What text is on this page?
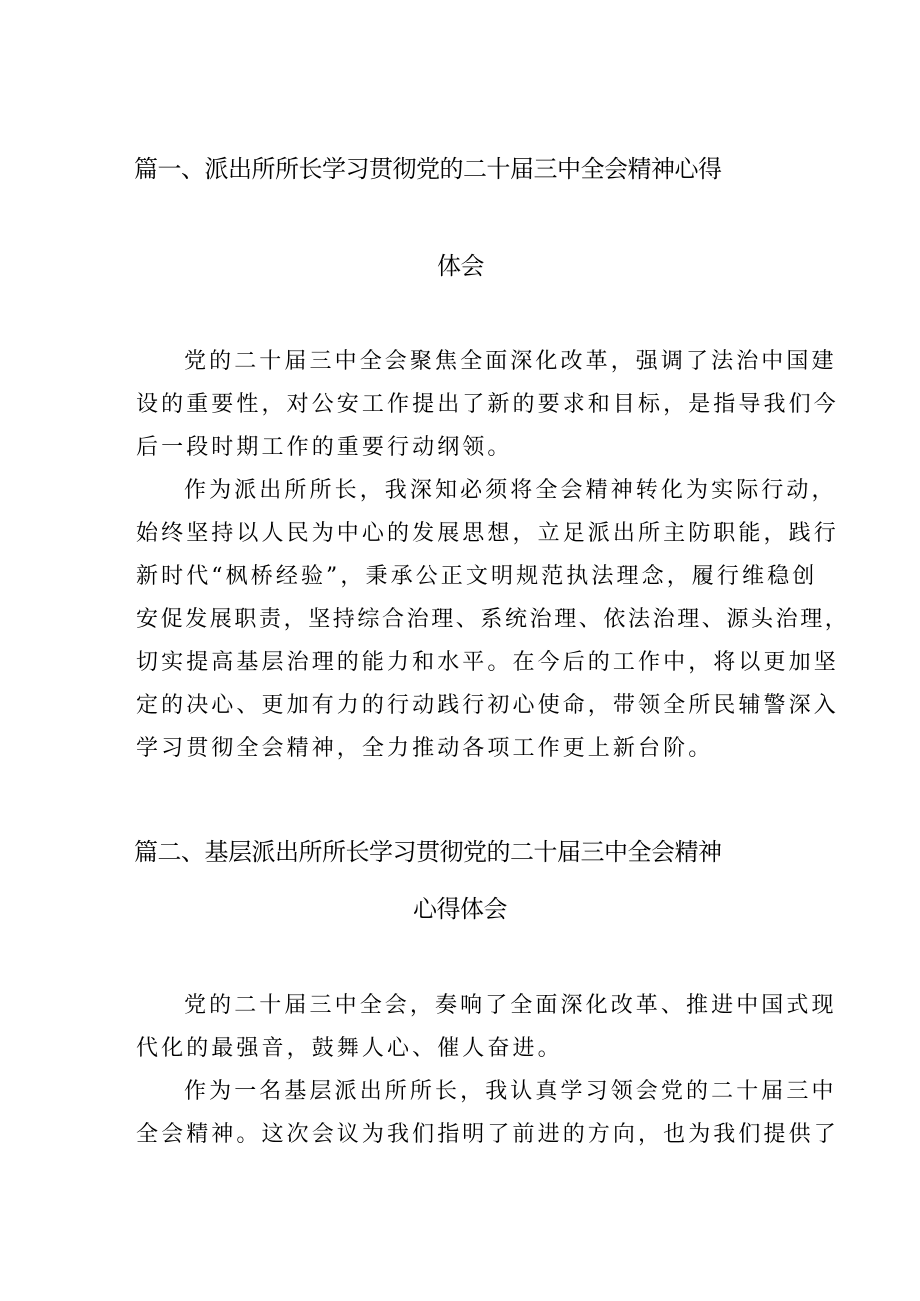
篇一、派出所所长学习贯彻党的二十届三中全会精神心得
体会
党的二十届三中全会聚焦全面深化改革，强调了法治中国建
设的重要性，对公安工作提出了新的要求和目标，是指导我们今
后一段时期工作的重要行动纲领。
作为派出所所长，我深知必须将全会精神转化为实际行动，
始终坚持以人民为中心的发展思想，立足派出所主防职能，践行
新时代“枫桥经验”，秉承公正文明规范执法理念，履行维稳创
安促发展职责，坚持综合治理、系统治理、依法治理、源头治理，
切实提高基层治理的能力和水平。在今后的工作中，将以更加坚
定的决心、更加有力的行动践行初心使命，带领全所民辅警深入
学习贯彻全会精神，全力推动各项工作更上新台阶。
篇二、基层派出所所长学习贯彻党的二十届三中全会精神
心得体会
党的二十届三中全会，奏响了全面深化改革、推进中国式现
代化的最强音，鼓舞人心、催人奋进。
作为一名基层派出所所长，我认真学习领会党的二十届三中
全会精神。这次会议为我们指明了前进的方向，也为我们提供了
